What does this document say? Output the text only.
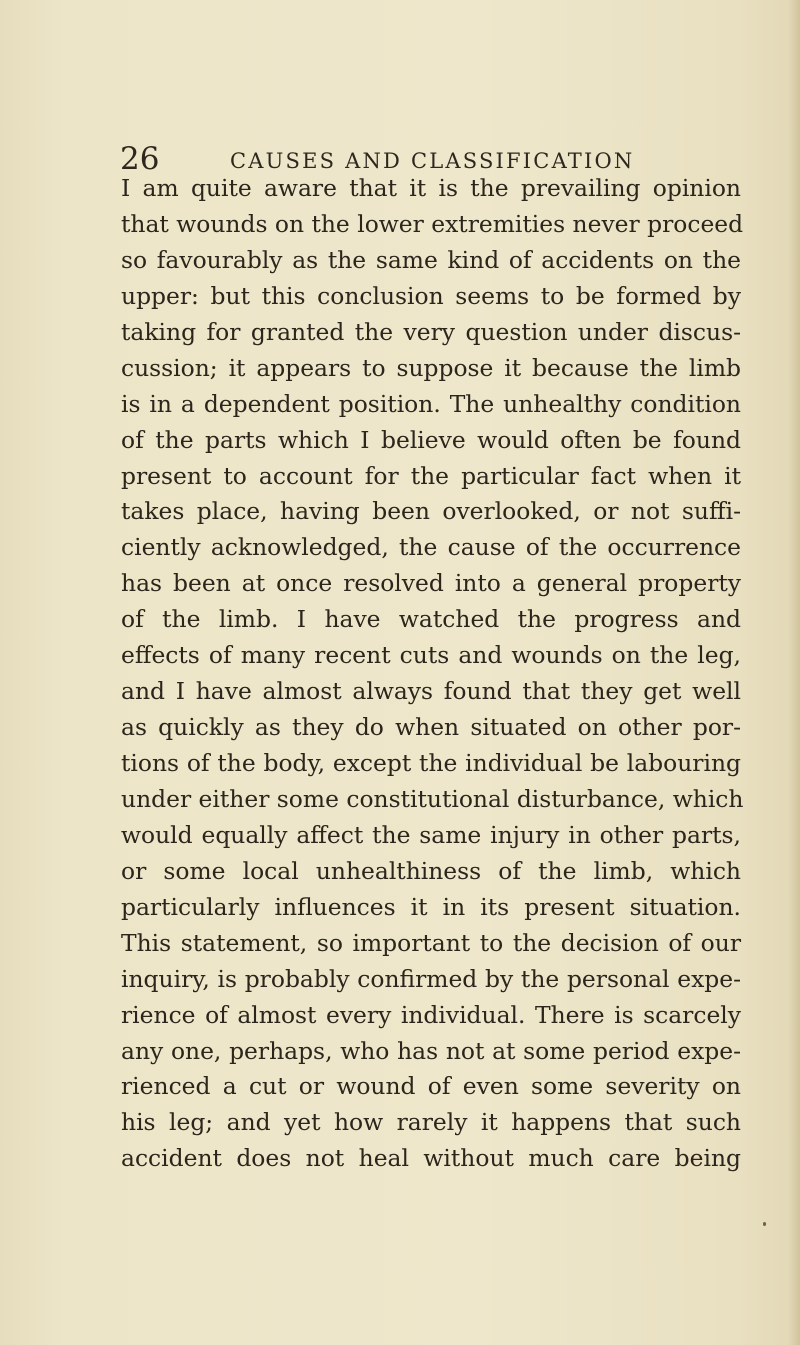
26	CAUSES AND CLASSIFICATION
I am quite aware that it is the prevailing opinion
that wounds on the lower extremities never proceed
so favourably as the same kind of accidents on the
upper: but this conclusion seems to be formed by
taking for granted the very question under discus-
cussion; it appears to suppose it because the limb
is in a dependent position. The unhealthy condition
of the parts which I believe would often be found
present to account for the particular fact when it
takes place, having been overlooked, or not suffi-
ciently acknowledged, the cause of the occurrence
has been at once resolved into a general property
of the limb. I have watched the progress and
effects of many recent cuts and wounds on the leg,
and I have almost always found that they get well
as quickly as they do when situated on other por-
tions of the body, except the individual be labouring
under either some constitutional disturbance, which
would equally affect the same injury in other parts,
or some local unhealthiness of the limb, which
particularly influences it in its present situation.
This statement, so important to the decision of our
inquiry, is probably confirmed by the personal expe-
rience of almost every individual. There is scarcely
any one, perhaps, who has not at some period expe-
rienced a cut or wound of even some severity on
his leg; and yet how rarely it happens that such
accident does not heal without much care being
